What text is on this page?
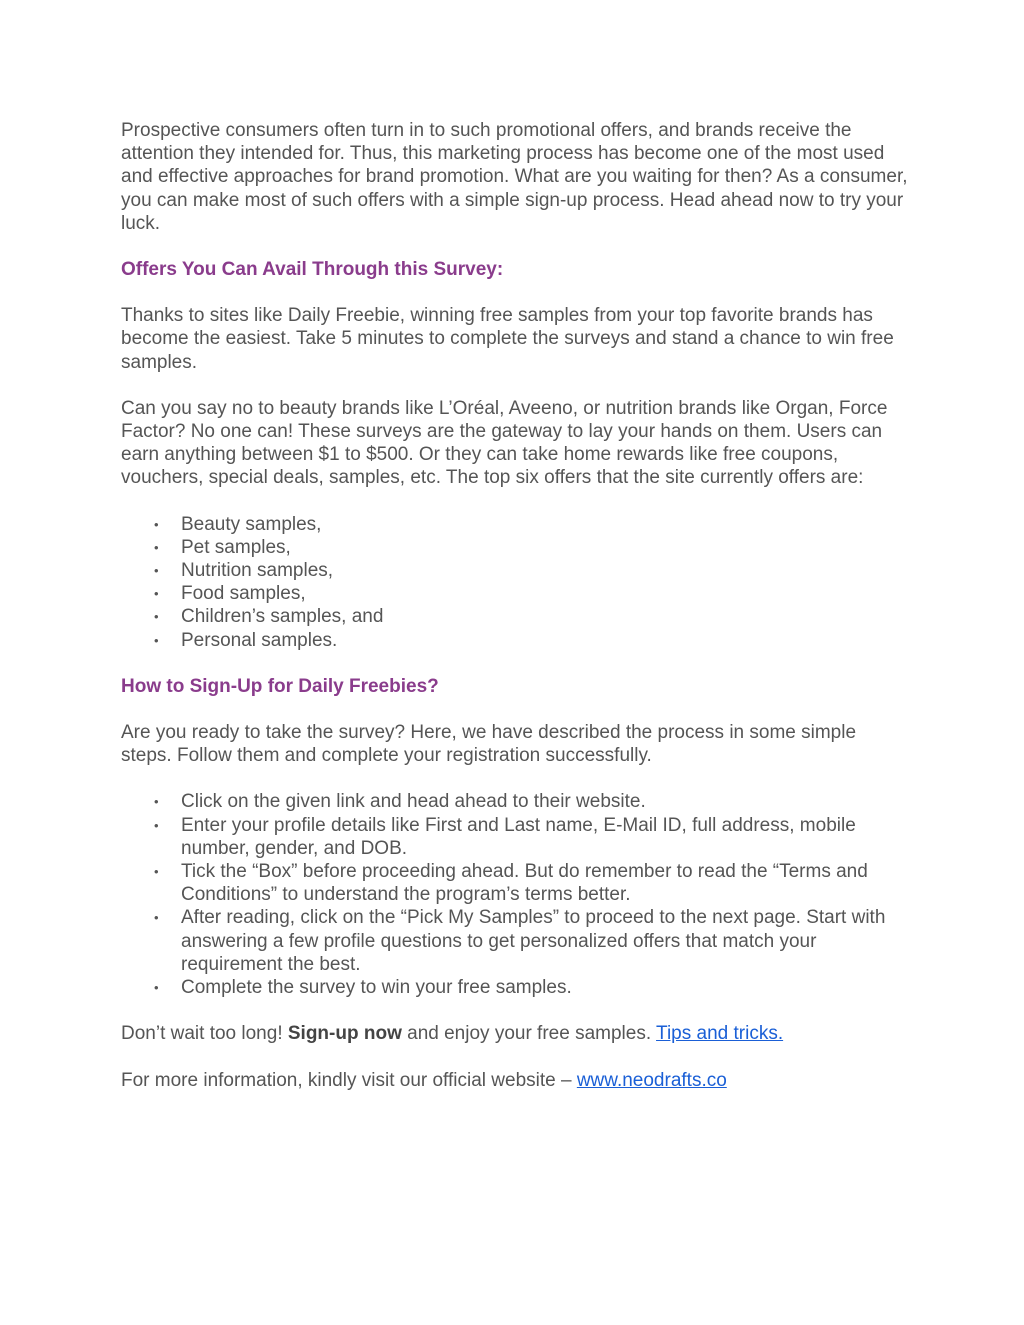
Prospective consumers often turn in to such promotional offers, and brands receive the attention they intended for. Thus, this marketing process has become one of the most used and effective approaches for brand promotion. What are you waiting for then? As a consumer, you can make most of such offers with a simple sign-up process. Head ahead now to try your luck.

Offers You Can Avail Through this Survey:

Thanks to sites like Daily Freebie, winning free samples from your top favorite brands has become the easiest. Take 5 minutes to complete the surveys and stand a chance to win free samples.

Can you say no to beauty brands like L’Oréal, Aveeno, or nutrition brands like Organ, Force Factor? No one can! These surveys are the gateway to lay your hands on them. Users can earn anything between $1 to $500. Or they can take home rewards like free coupons, vouchers, special deals, samples, etc. The top six offers that the site currently offers are:

• Beauty samples,
• Pet samples,
• Nutrition samples,
• Food samples,
• Children’s samples, and
• Personal samples.
How to Sign-Up for Daily Freebies?

Are you ready to take the survey? Here, we have described the process in some simple steps. Follow them and complete your registration successfully.

• Click on the given link and head ahead to their website.
• Enter your profile details like First and Last name, E-Mail ID, full address, mobile number, gender, and DOB.
• Tick the “Box” before proceeding ahead. But do remember to read the “Terms and Conditions” to understand the program’s terms better.
• After reading, click on the “Pick My Samples” to proceed to the next page. Start with answering a few profile questions to get personalized offers that match your requirement the best.
• Complete the survey to win your free samples.

Don’t wait too long! Sign-up now and enjoy your free samples. Tips and tricks.

For more information, kindly visit our official website – www.neodrafts.co
